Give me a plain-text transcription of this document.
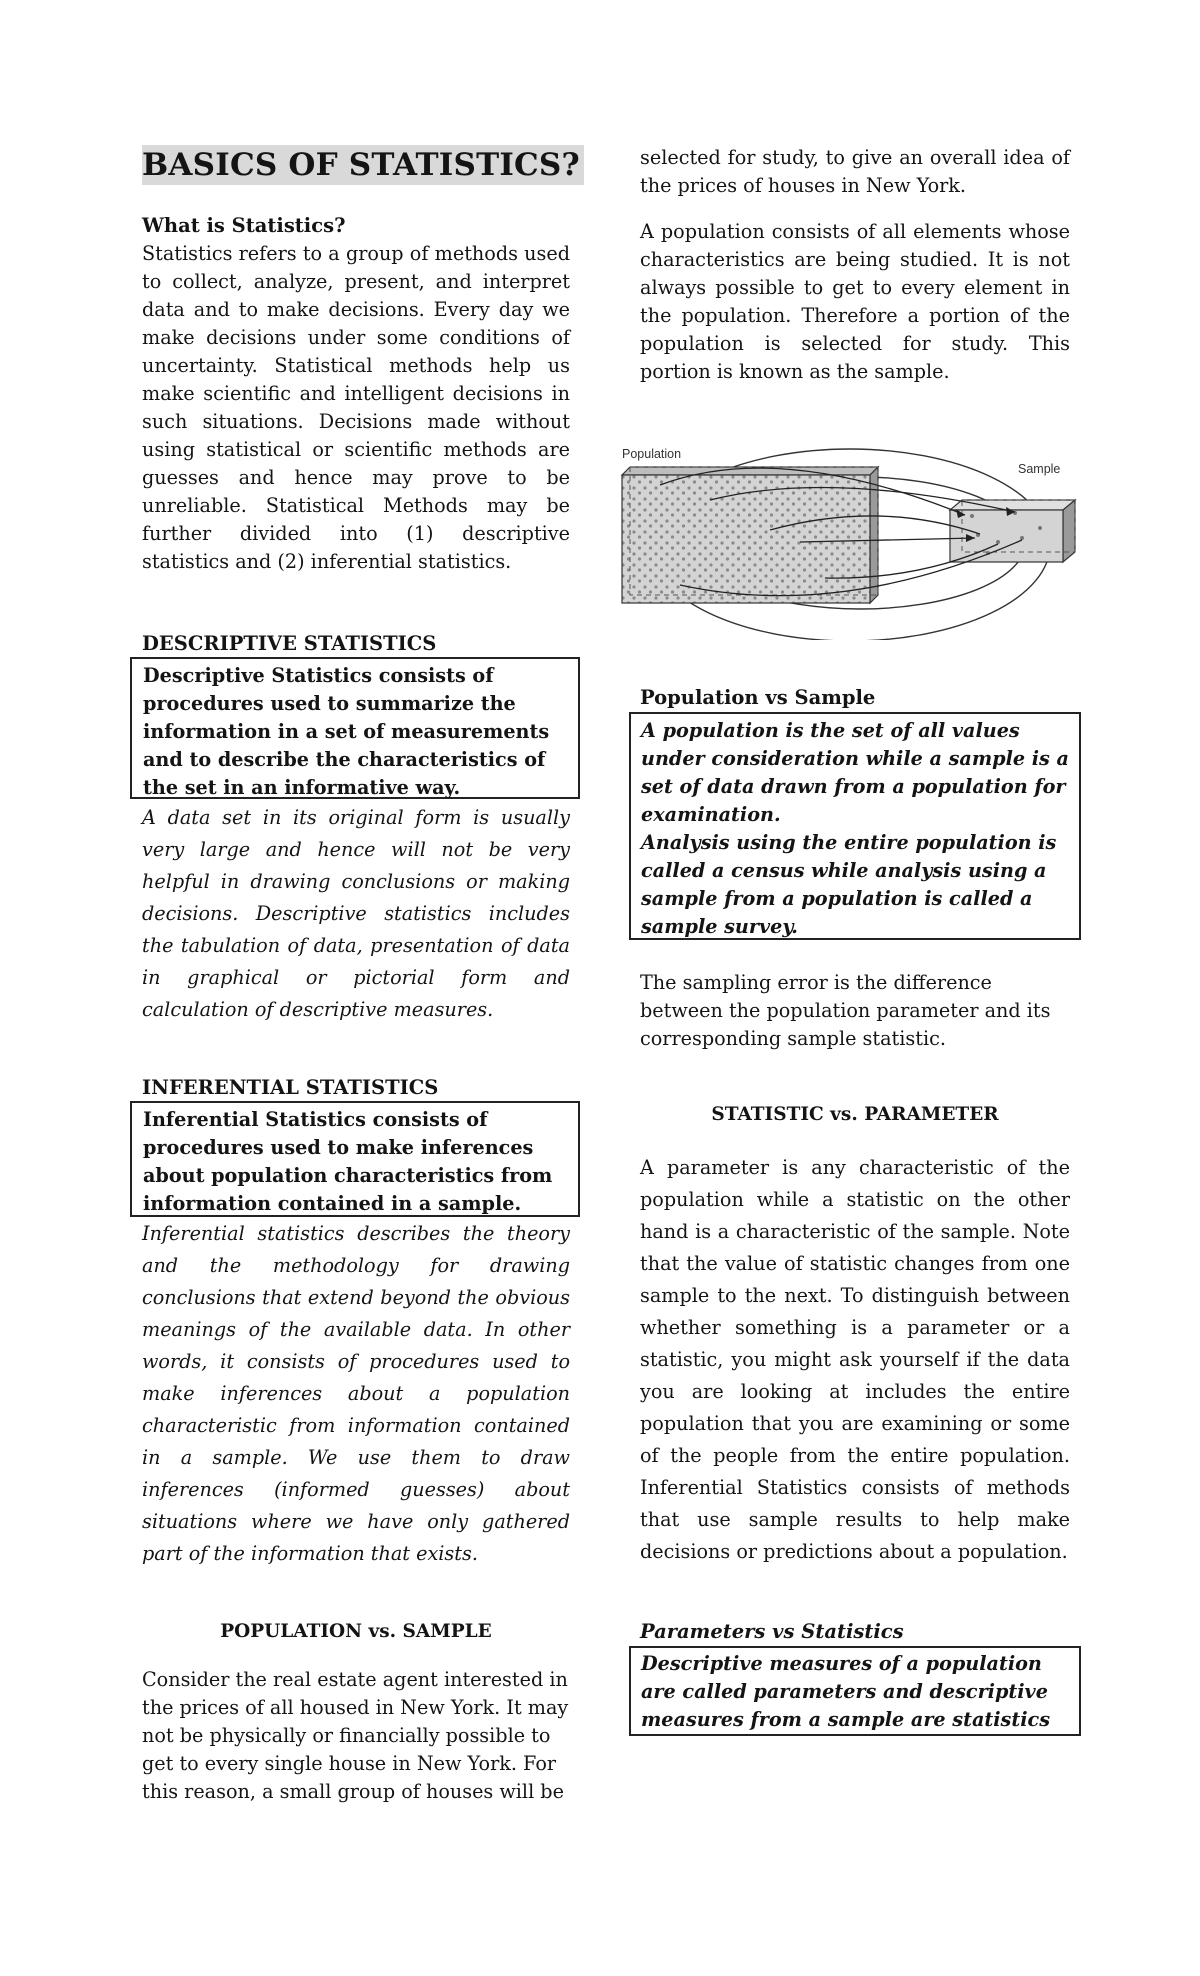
BASICS OF STATISTICS?

What is Statistics?

Statistics refers to a group of methods used to collect, analyze, present, and interpret data and to make decisions. Every day we make decisions under some conditions of uncertainty. Statistical methods help us make scientific and intelligent decisions in such situations. Decisions made without using statistical or scientific methods are guesses and hence may prove to be unreliable. Statistical Methods may be further divided into (1) descriptive statistics and (2) inferential statistics.

DESCRIPTIVE STATISTICS

Descriptive Statistics consists of procedures used to summarize the information in a set of measurements and to describe the characteristics of the set in an informative way.

A data set in its original form is usually very large and hence will not be very helpful in drawing conclusions or making decisions. Descriptive statistics includes the tabulation of data, presentation of data in graphical or pictorial form and calculation of descriptive measures.

INFERENTIAL STATISTICS

Inferential Statistics consists of procedures used to make inferences about population characteristics from information contained in a sample.

Inferential statistics describes the theory and the methodology for drawing conclusions that extend beyond the obvious meanings of the available data. In other words, it consists of procedures used to make inferences about a population characteristic from information contained in a sample. We use them to draw inferences (informed guesses) about situations where we have only gathered part of the information that exists.

POPULATION vs. SAMPLE

Consider the real estate agent interested in the prices of all housed in New York. It may not be physically or financially possible to get to every single house in New York. For this reason, a small group of houses will be

selected for study, to give an overall idea of the prices of houses in New York.

A population consists of all elements whose characteristics are being studied. It is not always possible to get to every element in the population. Therefore a portion of the population is selected for study. This portion is known as the sample.

Population
Sample

Population vs Sample

A population is the set of all values under consideration while a sample is a set of data drawn from a population for examination.

Analysis using the entire population is called a census while analysis using a sample from a population is called a sample survey.

The sampling error is the difference between the population parameter and its corresponding sample statistic.

STATISTIC vs. PARAMETER

A parameter is any characteristic of the population while a statistic on the other hand is a characteristic of the sample. Note that the value of statistic changes from one sample to the next. To distinguish between whether something is a parameter or a statistic, you might ask yourself if the data you are looking at includes the entire population that you are examining or some of the people from the entire population. Inferential Statistics consists of methods that use sample results to help make decisions or predictions about a population.

Parameters vs Statistics

Descriptive measures of a population are called parameters and descriptive measures from a sample are statistics
